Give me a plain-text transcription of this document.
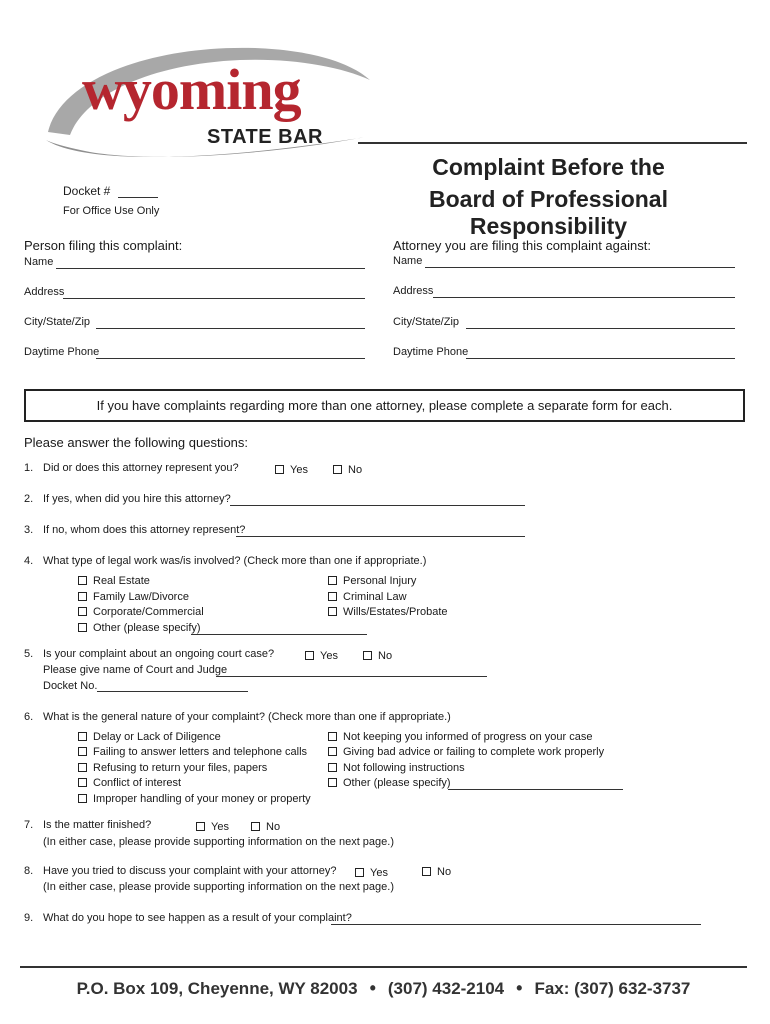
wyoming
STATE BAR
Complaint Before the
Board of Professional Responsibility
Docket #
For Office Use Only
Person filing this complaint:
Name
Address
City/State/Zip
Daytime Phone
Attorney you are filing this complaint against:
Name
Address
City/State/Zip
Daytime Phone
If you have complaints regarding more than one attorney, please complete a separate form for each.
Please answer the following questions:
1. Did or does this attorney represent you?	Yes	No
2. If yes, when did you hire this attorney?
3. If no, whom does this attorney represent?
4. What type of legal work was/is involved? (Check more than one if appropriate.)
Real Estate
Family Law/Divorce
Corporate/Commercial
Other (please specify)
Personal Injury
Criminal Law
Wills/Estates/Probate
5. Is your complaint about an ongoing court case?	Yes	No
Please give name of Court and Judge
Docket No.
6. What is the general nature of your complaint? (Check more than one if appropriate.)
Delay or Lack of Diligence
Failing to answer letters and telephone calls
Refusing to return your files, papers
Conflict of interest
Improper handling of your money or property
Not keeping you informed of progress on your case
Giving bad advice or failing to complete work properly
Not following instructions
Other (please specify)
7. Is the matter finished?	Yes	No
(In either case, please provide supporting information on the next page.)
8. Have you tried to discuss your complaint with your attorney?	Yes	No
(In either case, please provide supporting information on the next page.)
9. What do you hope to see happen as a result of your complaint?
P.O. Box 109, Cheyenne, WY 82003 • (307) 432-2104 • Fax: (307) 632-3737
